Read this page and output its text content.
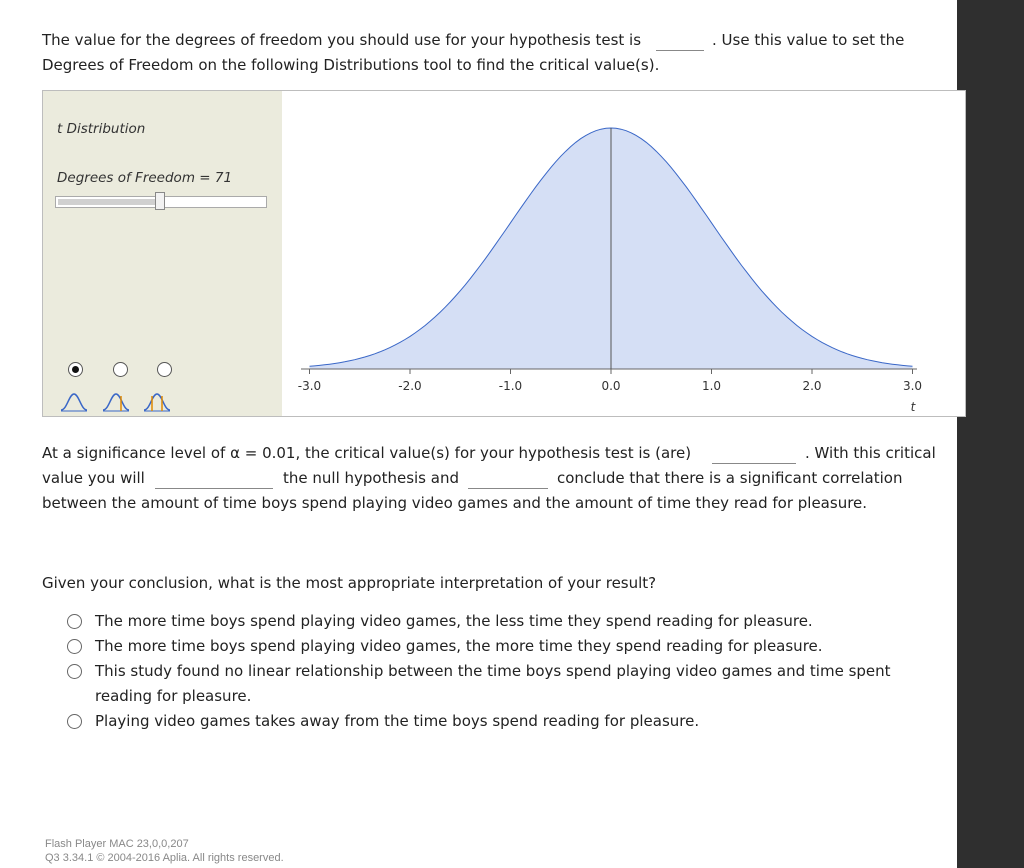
The value for the degrees of freedom you should use for your hypothesis test is	. Use this value to set the
Degrees of Freedom on the following Distributions tool to find the critical value(s).
t Distribution
Degrees of Freedom = 71
-3.0	-2.0	-1.0	0.0	1.0	2.0	3.0
t
At a significance level of α = 0.01, the critical value(s) for your hypothesis test is (are)	. With this critical
value you will	the null hypothesis and	conclude that there is a significant correlation
between the amount of time boys spend playing video games and the amount of time they read for pleasure.
Given your conclusion, what is the most appropriate interpretation of your result?
The more time boys spend playing video games, the less time they spend reading for pleasure.
The more time boys spend playing video games, the more time they spend reading for pleasure.
This study found no linear relationship between the time boys spend playing video games and time spent
reading for pleasure.
Playing video games takes away from the time boys spend reading for pleasure.
Flash Player MAC 23,0,0,207
Q3 3.34.1 © 2004-2016 Aplia. All rights reserved.
